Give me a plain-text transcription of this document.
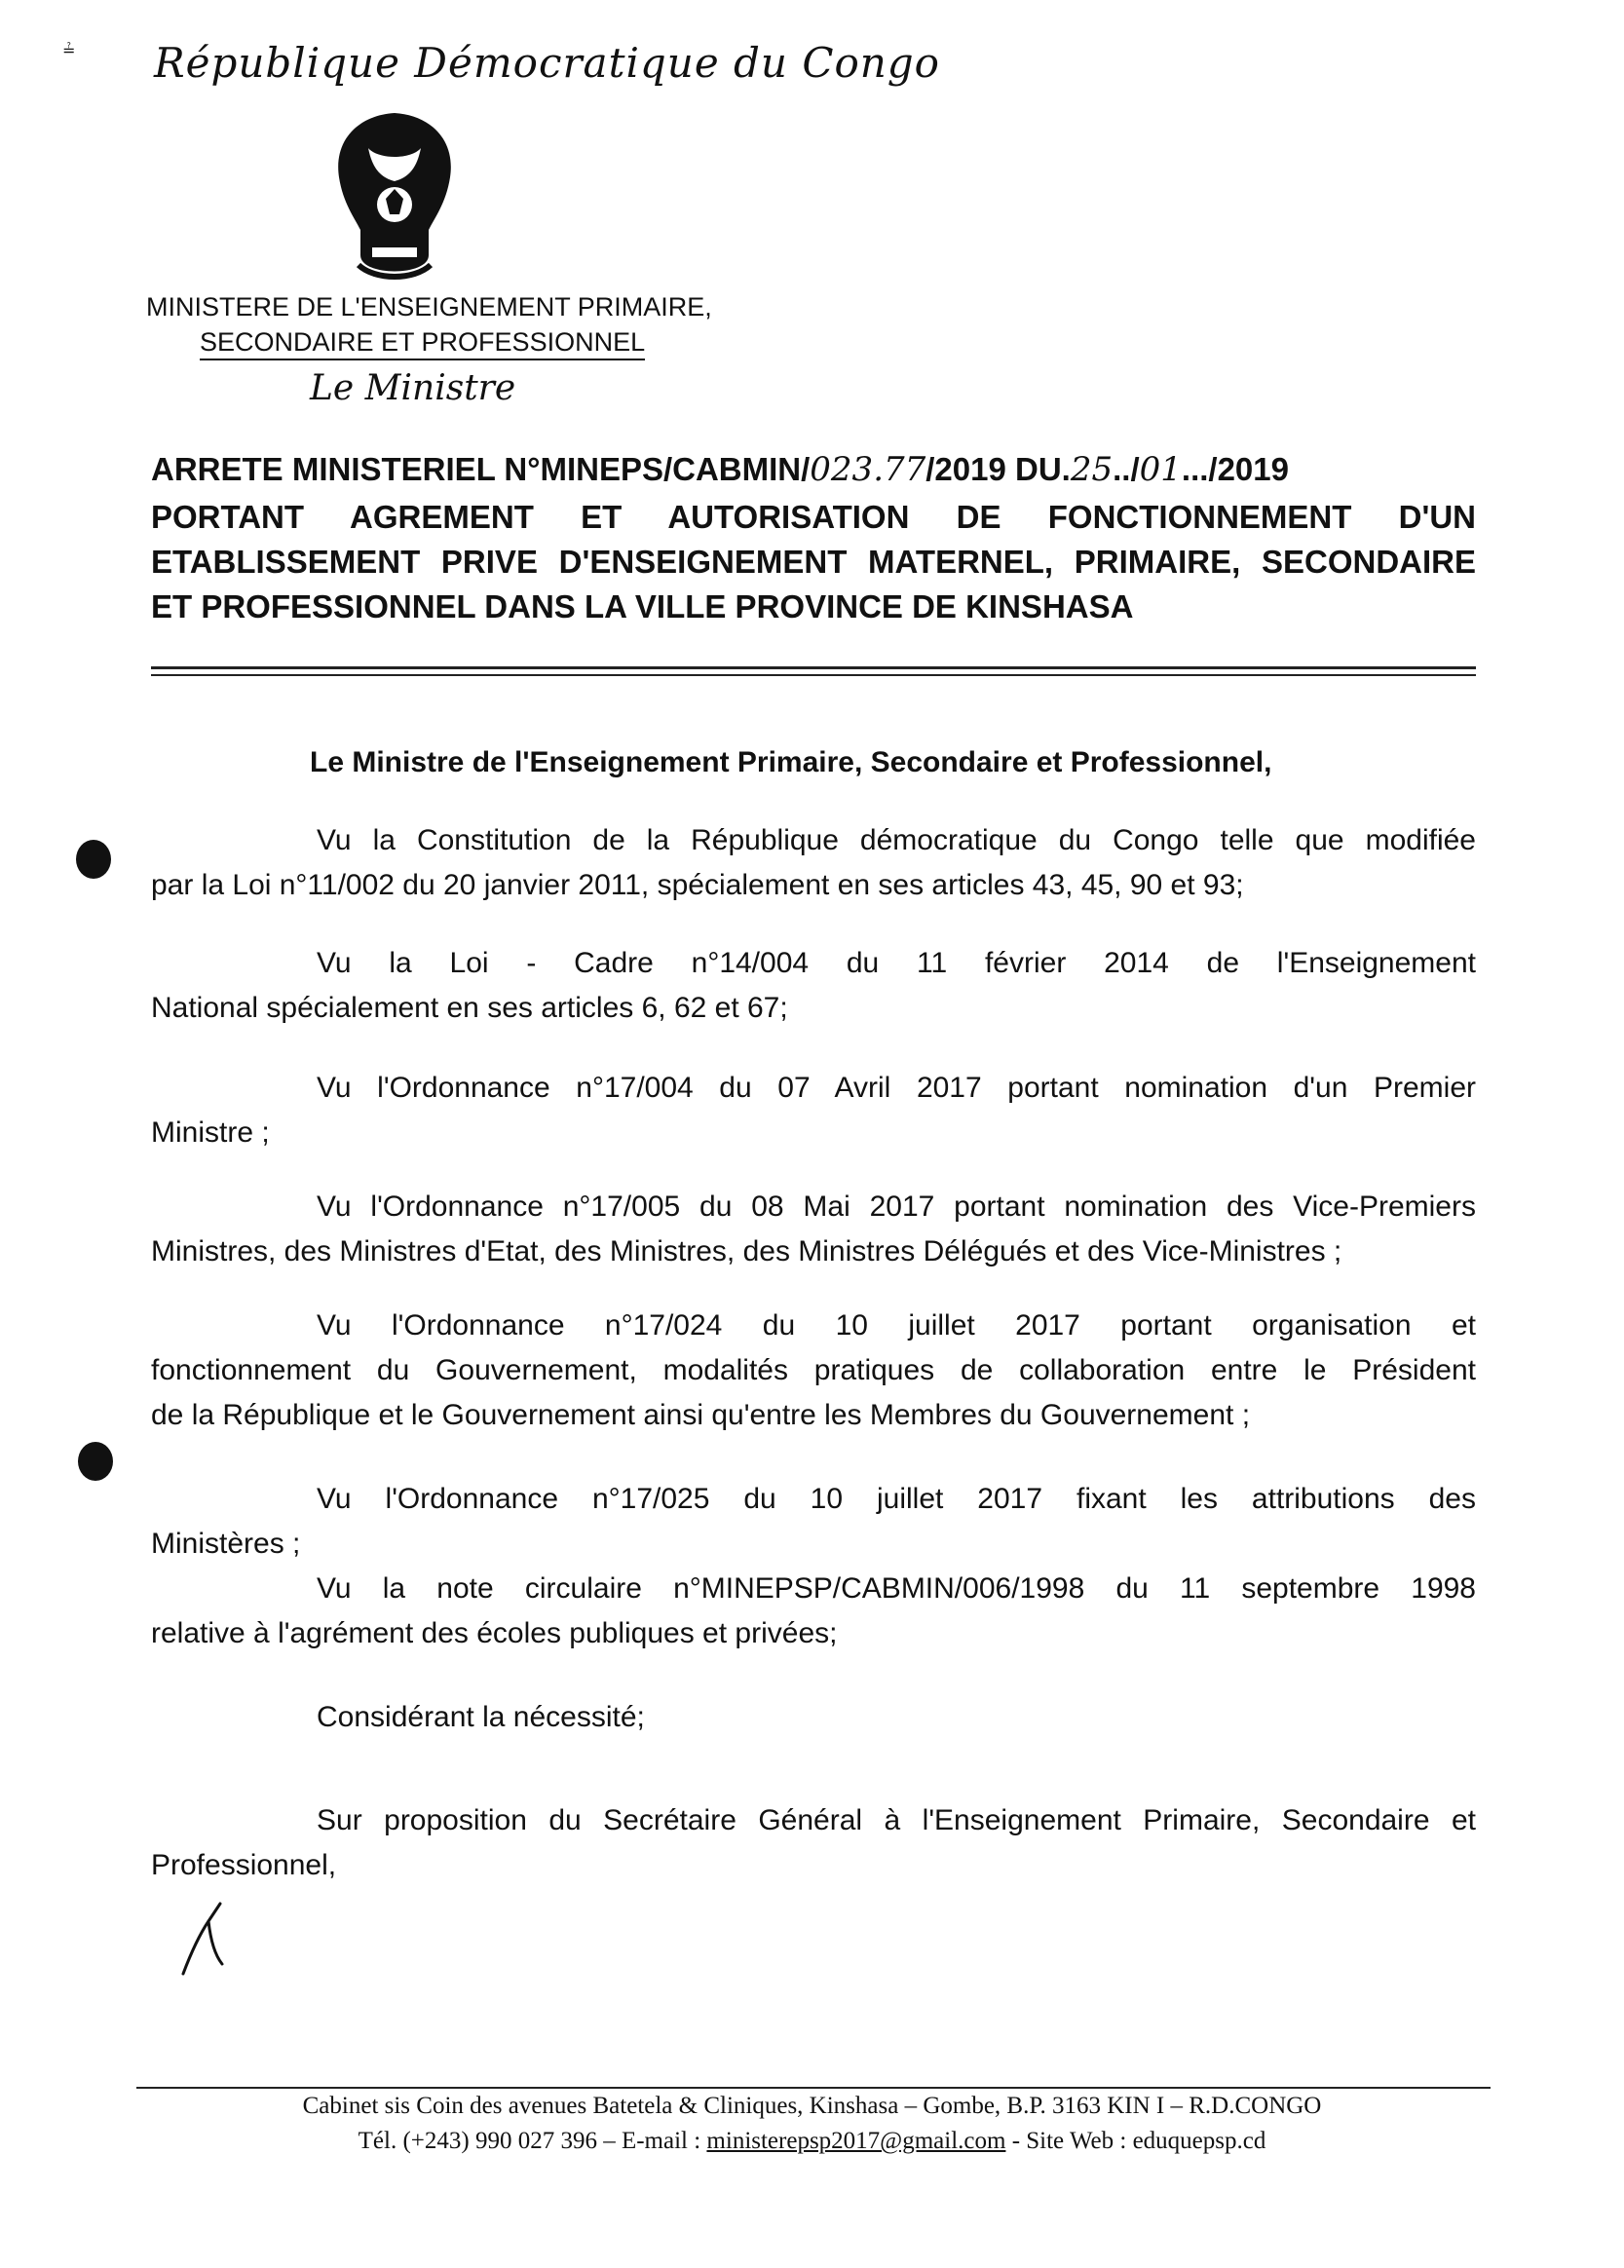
≟ République Démocratique du Congo
MINISTERE DE L'ENSEIGNEMENT PRIMAIRE,
SECONDAIRE ET PROFESSIONNEL
Le Ministre
ARRETE MINISTERIEL N°MINEPS/CABMIN/023.77/2019 DU.25../01.../2019
PORTANT AGREMENT ET AUTORISATION DE FONCTIONNEMENT D'UN
ETABLISSEMENT PRIVE D'ENSEIGNEMENT MATERNEL, PRIMAIRE, SECONDAIRE
ET PROFESSIONNEL DANS LA VILLE PROVINCE DE KINSHASA
Le Ministre de l'Enseignement Primaire, Secondaire et Professionnel,
Vu la Constitution de la République démocratique du Congo telle que modifiée
par la Loi n°11/002 du 20 janvier 2011, spécialement en ses articles 43, 45, 90 et 93;
Vu la Loi - Cadre n°14/004 du 11 février 2014 de l'Enseignement
National spécialement en ses articles 6, 62 et 67;
Vu l'Ordonnance n°17/004 du 07 Avril 2017 portant nomination d'un Premier
Ministre ;
Vu l'Ordonnance n°17/005 du 08 Mai 2017 portant nomination des Vice-Premiers
Ministres, des Ministres d'Etat, des Ministres, des Ministres Délégués et des Vice-Ministres ;
Vu l'Ordonnance n°17/024 du 10 juillet 2017 portant organisation et
fonctionnement du Gouvernement, modalités pratiques de collaboration entre le Président
de la République et le Gouvernement ainsi qu'entre les Membres du Gouvernement ;
Vu l'Ordonnance n°17/025 du 10 juillet 2017 fixant les attributions des
Ministères ;
Vu la note circulaire n°MINEPSP/CABMIN/006/1998 du 11 septembre 1998
relative à l'agrément des écoles publiques et privées;
Considérant la nécessité;
Sur proposition du Secrétaire Général à l'Enseignement Primaire, Secondaire et
Professionnel,
Cabinet sis Coin des avenues Batetela & Cliniques, Kinshasa – Gombe, B.P. 3163 KIN I – R.D.CONGO
Tél. (+243) 990 027 396 – E-mail : ministerepsp2017@gmail.com - Site Web : eduquepsp.cd
